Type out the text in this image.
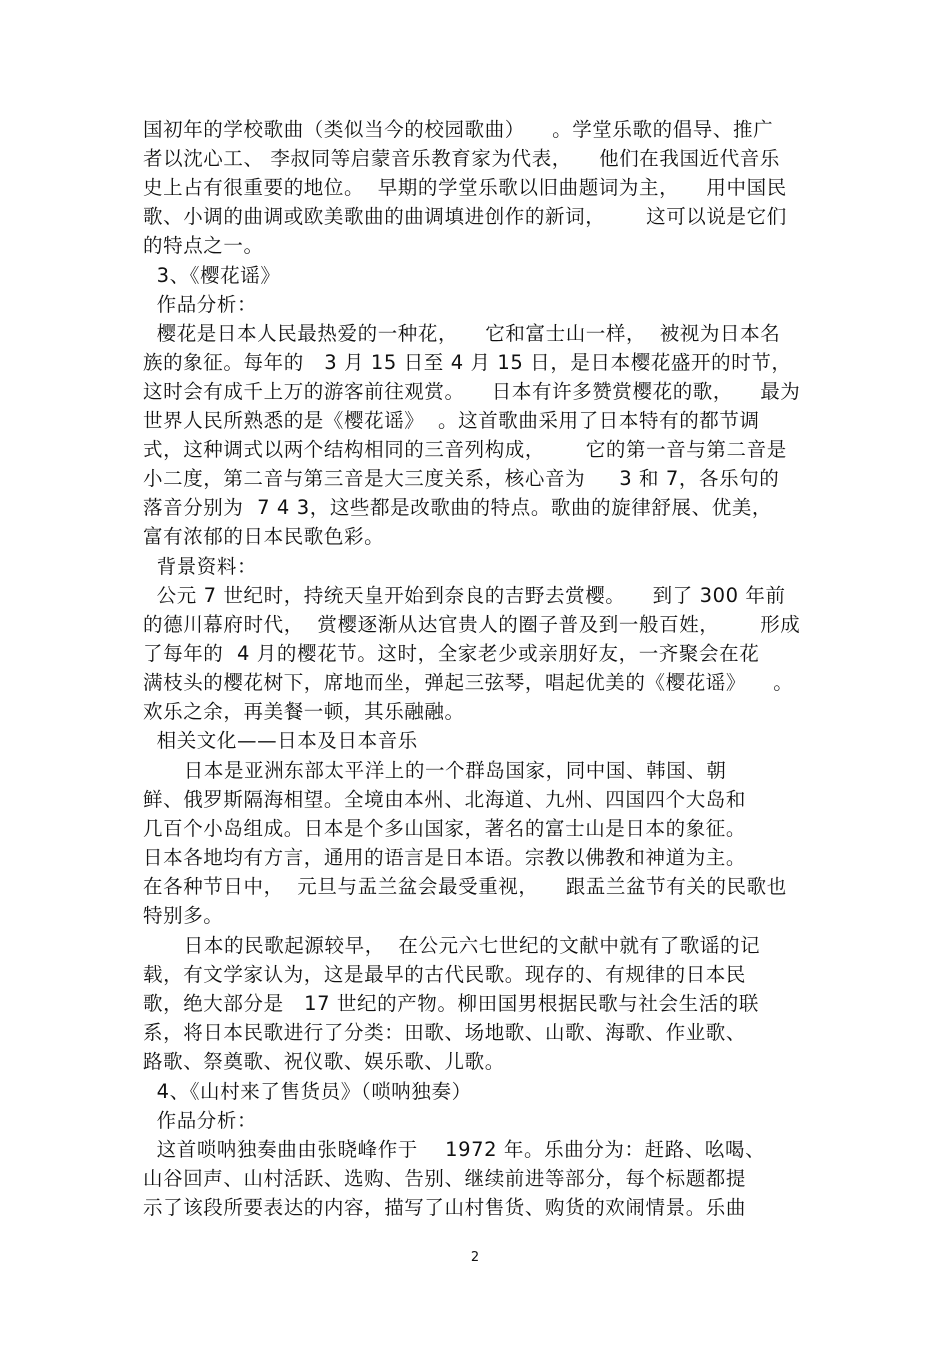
国初年的学校歌曲（类似当今的校园歌曲）    。学堂乐歌的倡导、推广
者以沈心工、 李叔同等启蒙音乐教育家为代表，    他们在我国近代音乐
史上占有很重要的地位。  早期的学堂乐歌以旧曲题词为主，    用中国民
歌、小调的曲调或欧美歌曲的曲调填进创作的新词，      这可以说是它们
的特点之一。
3、《樱花谣》
作品分析：
樱花是日本人民最热爱的一种花，    它和富士山一样，  被视为日本名
族的象征。每年的   3 月 15 日至 4 月 15 日，是日本樱花盛开的时节，
这时会有成千上万的游客前往观赏。    日本有许多赞赏樱花的歌，    最为
世界人民所熟悉的是《樱花谣》  。这首歌曲采用了日本特有的都节调
式，这种调式以两个结构相同的三音列构成，      它的第一音与第二音是
小二度，第二音与第三音是大三度关系，核心音为     3 和 7，各乐句的
落音分别为  7 4 3，这些都是改歌曲的特点。歌曲的旋律舒展、优美，
富有浓郁的日本民歌色彩。
背景资料：
公元 7 世纪时，持统天皇开始到奈良的吉野去赏樱。    到了 300 年前
的德川幕府时代，  赏樱逐渐从达官贵人的圈子普及到一般百姓，      形成
了每年的  4 月的樱花节。这时，全家老少或亲朋好友，一齐聚会在花
满枝头的樱花树下，席地而坐，弹起三弦琴，唱起优美的《樱花谣》    。
欢乐之余，再美餐一顿，其乐融融。
相关文化——日本及日本音乐
日本是亚洲东部太平洋上的一个群岛国家，同中国、韩国、朝
鲜、俄罗斯隔海相望。全境由本州、北海道、九州、四国四个大岛和
几百个小岛组成。日本是个多山国家，著名的富士山是日本的象征。
日本各地均有方言，通用的语言是日本语。宗教以佛教和神道为主。
在各种节日中，  元旦与盂兰盆会最受重视，    跟盂兰盆节有关的民歌也
特别多。
日本的民歌起源较早，  在公元六七世纪的文献中就有了歌谣的记
载，有文学家认为，这是最早的古代民歌。现存的、有规律的日本民
歌，绝大部分是   17 世纪的产物。柳田国男根据民歌与社会生活的联
系，将日本民歌进行了分类：田歌、场地歌、山歌、海歌、作业歌、
路歌、祭奠歌、祝仪歌、娱乐歌、儿歌。
4、《山村来了售货员》（唢呐独奏）
作品分析：
这首唢呐独奏曲由张晓峰作于    1972 年。乐曲分为：赶路、吆喝、
山谷回声、山村活跃、选购、告别、继续前进等部分，每个标题都提
示了该段所要表达的内容，描写了山村售货、购货的欢闹情景。乐曲
2
